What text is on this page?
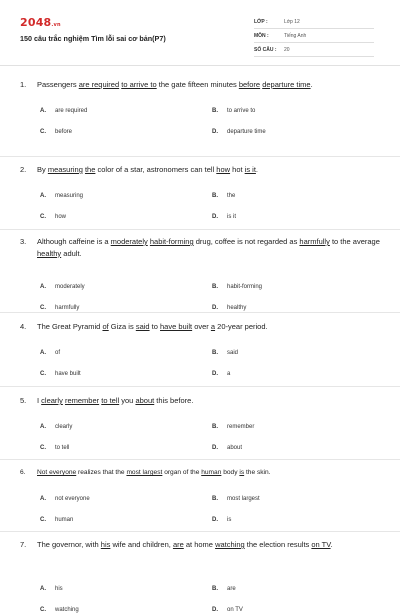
2048.vn
150 câu trắc nghiệm Tìm lỗi sai cơ bản(P7)
LỚP :	Lớp 12
MÔN :	Tiếng Anh
SỐ CÂU :	20
1.	Passengers are required to arrive to the gate fifteen minutes before departure time.
A.	are required	B.	to arrive to
C.	before	D.	departure time
2.	By measuring the color of a star, astronomers can tell how hot is it.
A.	measuring	B.	the
C.	how	D.	is it
3.	Although caffeine is a moderately habit-forming drug, coffee is not regarded as harmfully to the average healthy adult.
A.	moderately	B.	habit-forming
C.	harmfully	D.	healthy
4.	The Great Pyramid of Giza is said to have built over a 20-year period.
A.	of	B.	said
C.	have built	D.	a
5.	I clearly remember to tell you about this before.
A.	clearly	B.	remember
C.	to tell	D.	about
6.	Not everyone realizes that the most largest organ of the human body is the skin.
A.	not everyone	B.	most largest
C.	human	D.	is
7.	The governor, with his wife and children, are at home watching the election results on TV.
A.	his	B.	are
C.	watching	D.	on TV
